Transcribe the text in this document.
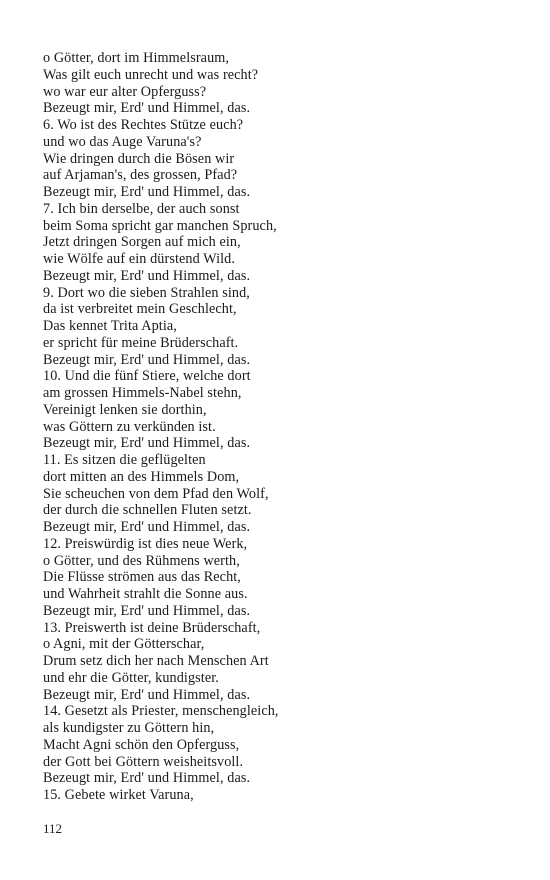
o Götter, dort im Himmelsraum,
Was gilt euch unrecht und was recht?
wo war eur alter Opferguss?
Bezeugt mir, Erd' und Himmel, das.
6. Wo ist des Rechtes Stütze euch?
und wo das Auge Varuna's?
Wie dringen durch die Bösen wir
auf Arjaman's, des grossen, Pfad?
Bezeugt mir, Erd' und Himmel, das.
7. Ich bin derselbe, der auch sonst
beim Soma spricht gar manchen Spruch,
Jetzt dringen Sorgen auf mich ein,
wie Wölfe auf ein dürstend Wild.
Bezeugt mir, Erd' und Himmel, das.
9. Dort wo die sieben Strahlen sind,
da ist verbreitet mein Geschlecht,
Das kennet Trita Aptia,
er spricht für meine Brüderschaft.
Bezeugt mir, Erd' und Himmel, das.
10. Und die fünf Stiere, welche dort
am grossen Himmels-Nabel stehn,
Vereinigt lenken sie dorthin,
was Göttern zu verkünden ist.
Bezeugt mir, Erd' und Himmel, das.
11. Es sitzen die geflügelten
dort mitten an des Himmels Dom,
Sie scheuchen von dem Pfad den Wolf,
der durch die schnellen Fluten setzt.
Bezeugt mir, Erd' und Himmel, das.
12. Preiswürdig ist dies neue Werk,
o Götter, und des Rühmens werth,
Die Flüsse strömen aus das Recht,
und Wahrheit strahlt die Sonne aus.
Bezeugt mir, Erd' und Himmel, das.
13. Preiswerth ist deine Brüderschaft,
o Agni, mit der Götterschar,
Drum setz dich her nach Menschen Art
und ehr die Götter, kundigster.
Bezeugt mir, Erd' und Himmel, das.
14. Gesetzt als Priester, menschengleich,
als kundigster zu Göttern hin,
Macht Agni schön den Opferguss,
der Gott bei Göttern weisheitsvoll.
Bezeugt mir, Erd' und Himmel, das.
15. Gebete wirket Varuna,
112
